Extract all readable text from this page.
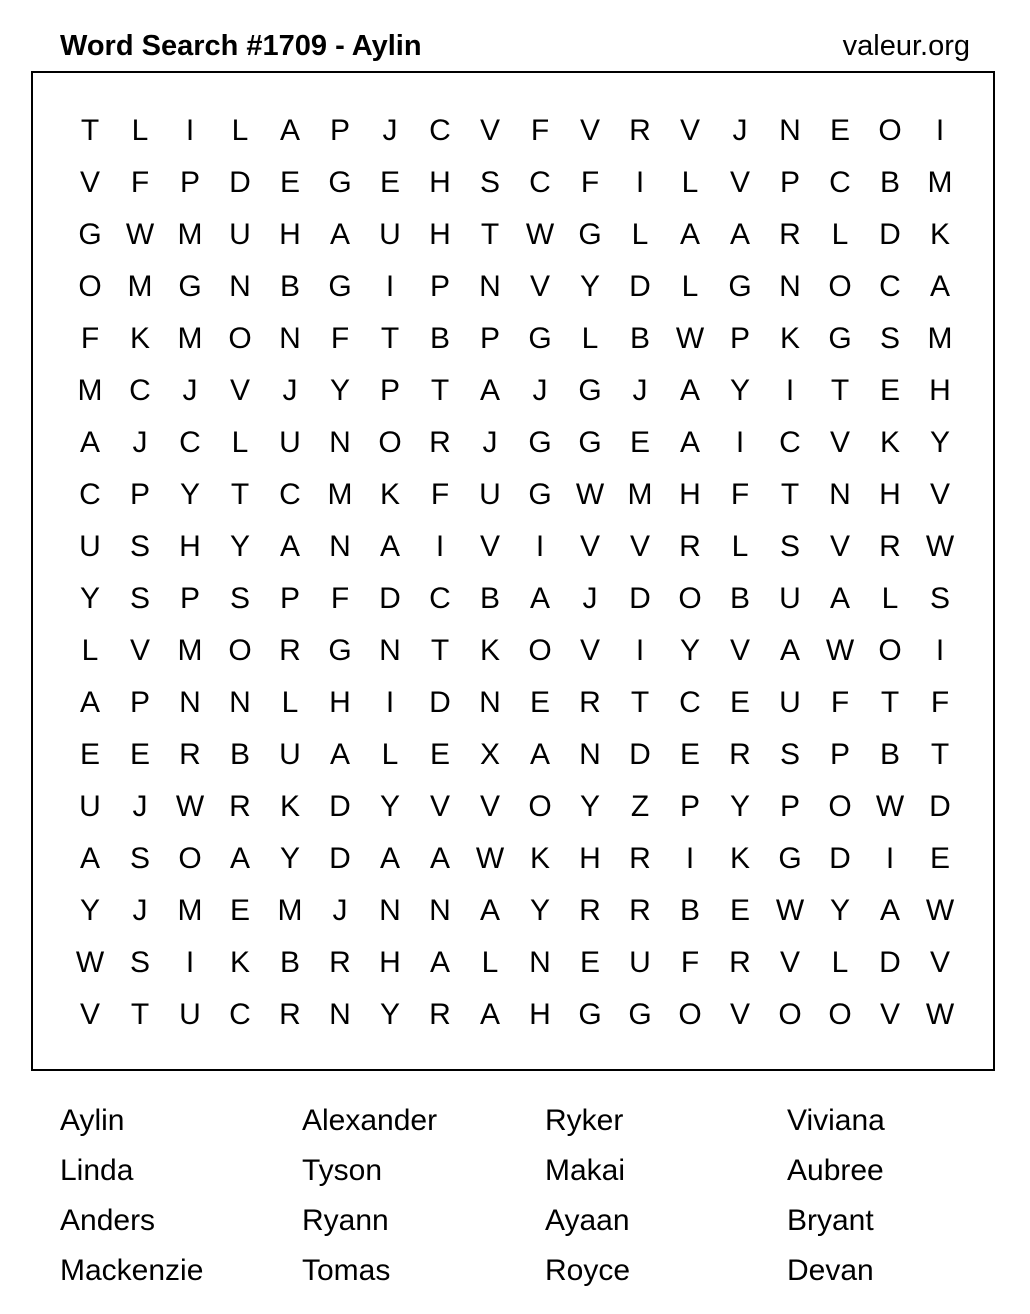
Word Search #1709 - Aylin	valeur.org
T	L	I	L	A P	J	C V	F	V R V	J	N E O	I
V	F	P D E G E H S C	F	I	L	V P C B M
G W M U H A U H	T W G L	A A R	L	D K
O M G N B G	I	P N V Y D	L G N O C A
F	K M O N	F	T	B P G L	B W P K G S M
M C	J	V	J	Y P	T	A	J	G	J	A Y	I	T	E H
A	J	C	L	U N O R	J	G G E A	I	C V K Y
C P Y	T	C M K	F	U G W M H	F	T	N H V
U S H Y A N A	I	V	I	V V R	L	S V R W
Y S P S P	F	D C B A	J	D O B U A	L	S
L	V M O R G N	T	K O V	I	Y V A W O	I
A P N N	L	H	I	D N E R	T	C E U	F	T	F
E E R B U A	L	E X A N D E R S P B	T
U	J W R K D Y V V O Y	Z	P Y P O W D
A S O A Y D A A W K H R	I	K G D	I	E
Y	J	M E M	J	N N A Y R R B E W Y A W
W S	I	K B R H A	L	N E U	F	R V	L	D V
V	T	U C R N Y R A H G G O V O O V W
Aylin
Linda
Anders
Mackenzie
Alexander
Tyson
Ryann
Tomas
Ryker
Makai
Ayaan
Royce
Viviana
Aubree
Bryant
Devan
